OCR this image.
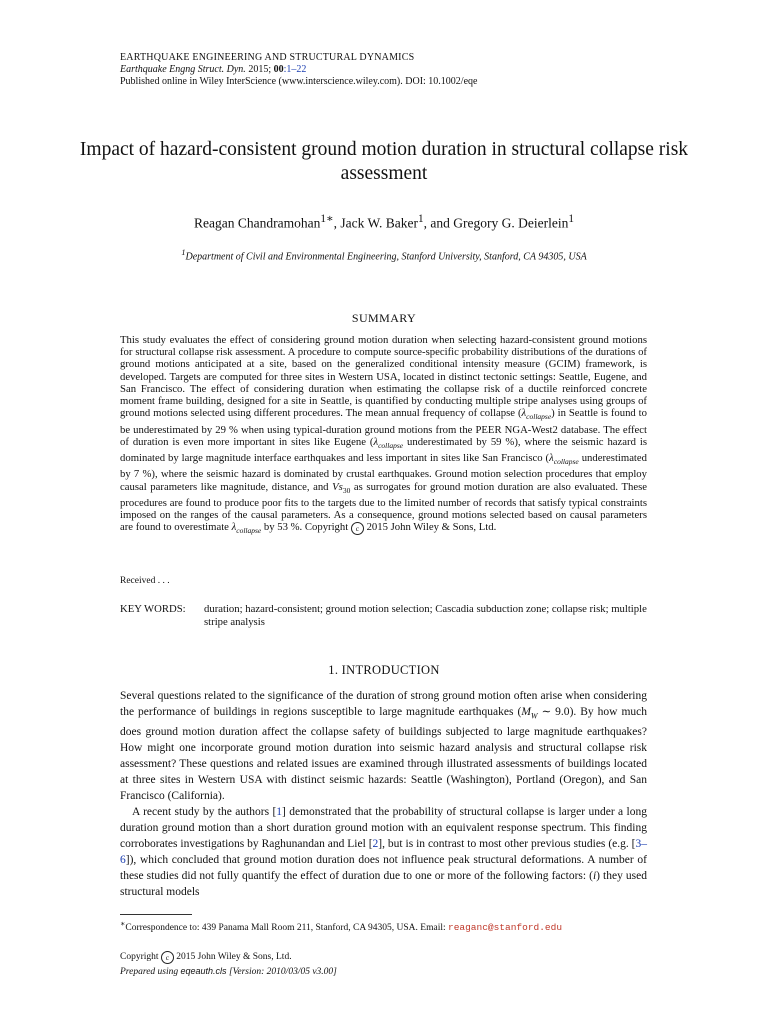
EARTHQUAKE ENGINEERING AND STRUCTURAL DYNAMICS
Earthquake Engng Struct. Dyn. 2015; 00:1–22
Published online in Wiley InterScience (www.interscience.wiley.com). DOI: 10.1002/eqe
Impact of hazard-consistent ground motion duration in structural collapse risk assessment
Reagan Chandramohan$^{1∗}$, Jack W. Baker$^1$, and Gregory G. Deierlein$^1$
$^1$Department of Civil and Environmental Engineering, Stanford University, Stanford, CA 94305, USA
SUMMARY

This study evaluates the effect of considering ground motion duration when selecting hazard-consistent ground motions for structural collapse risk assessment. A procedure to compute source-specific probability distributions of the durations of ground motions anticipated at a site, based on the generalized conditional intensity measure (GCIM) framework, is developed. Targets are computed for three sites in Western USA, located in distinct tectonic settings: Seattle, Eugene, and San Francisco. The effect of considering duration when estimating the collapse risk of a ductile reinforced concrete moment frame building, designed for a site in Seattle, is quantified by conducting multiple stripe analyses using groups of ground motions selected using different procedures. The mean annual frequency of collapse $(\lambda_{collapse})$ in Seattle is found to be underestimated by 29 % when using typical-duration ground motions from the PEER NGA-West2 database. The effect of duration is even more important in sites like Eugene ($\lambda_{collapse}$ underestimated by 59 %), where the seismic hazard is dominated by large magnitude interface earthquakes and less important in sites like San Francisco ($\lambda_{collapse}$ underestimated by 7 %), where the seismic hazard is dominated by crustal earthquakes. Ground motion selection procedures that employ causal parameters like magnitude, distance, and $Vs_{30}$ as surrogates for ground motion duration are also evaluated. These procedures are found to produce poor fits to the targets due to the limited number of records that satisfy typical constraints imposed on the ranges of the causal parameters. As a consequence, ground motions selected based on causal parameters are found to overestimate $\lambda_{collapse}$ by 53 %. Copyright c 2015 John Wiley & Sons, Ltd.

Received . . .
KEY WORDS: duration; hazard-consistent; ground motion selection; Cascadia subduction zone; collapse risk; multiple stripe analysis
1. INTRODUCTION

Several questions related to the significance of the duration of strong ground motion often arise when considering the performance of buildings in regions susceptible to large magnitude earthquakes ($M_W$ ∼ 9.0). By how much does ground motion duration affect the collapse safety of buildings subjected to large magnitude earthquakes? How might one incorporate ground motion duration into seismic hazard analysis and structural collapse risk assessment? These questions and related issues are examined through illustrated assessments of buildings located at three sites in Western USA with distinct seismic hazards: Seattle (Washington), Portland (Oregon), and San Francisco (California).

A recent study by the authors [1] demonstrated that the probability of structural collapse is larger under a long duration ground motion than a short duration ground motion with an equivalent response spectrum. This finding corroborates investigations by Raghunandan and Liel [2], but is in contrast to most other previous studies (e.g. [3–6]), which concluded that ground motion duration does not influence peak structural deformations. A number of these studies did not fully quantify the effect of duration due to one or more of the following factors: (i) they used structural models

∗Correspondence to: 439 Panama Mall Room 211, Stanford, CA 94305, USA. Email: reaganc@stanford.edu
Copyright c 2015 John Wiley & Sons, Ltd.
Prepared using eqeauth.cls [Version: 2010/03/05 v3.00]
